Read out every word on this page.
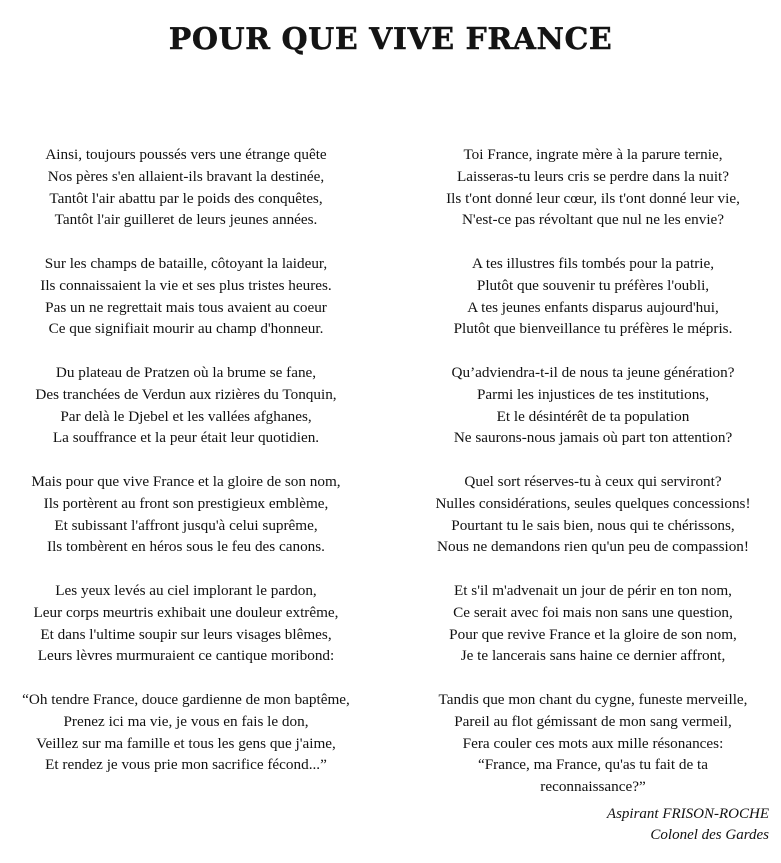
POUR QUE VIVE FRANCE
Ainsi, toujours poussés vers une étrange quête
Nos pères s'en allaient-ils bravant la destinée,
Tantôt l'air abattu par le poids des conquêtes,
Tantôt l'air guilleret de leurs jeunes années.
Sur les champs de bataille, côtoyant la laideur,
Ils connaissaient la vie et ses plus tristes heures.
Pas un ne regrettait mais tous avaient au coeur
Ce que signifiait mourir au champ d'honneur.
Du plateau de Pratzen où la brume se fane,
Des tranchées de Verdun aux rizières du Tonquin,
Par delà le Djebel et les vallées afghanes,
La souffrance et la peur était leur quotidien.
Mais pour que vive France et la gloire de son nom,
Ils portèrent au front son prestigieux emblème,
Et subissant l'affront jusqu'à celui suprême,
Ils tombèrent en héros sous le feu des canons.
Les yeux levés au ciel implorant le pardon,
Leur corps meurtris exhibait une douleur extrême,
Et dans l'ultime soupir sur leurs visages blêmes,
Leurs lèvres murmuraient ce cantique moribond:
“Oh tendre France, douce gardienne de mon baptême,
Prenez ici ma vie, je vous en fais le don,
Veillez sur ma famille et tous les gens que j'aime,
Et rendez je vous prie mon sacrifice fécond...”
Toi France, ingrate mère à la parure ternie,
Laisseras-tu leurs cris se perdre dans la nuit?
Ils t'ont donné leur cœur, ils t'ont donné leur vie,
N'est-ce pas révoltant que nul ne les envie?
A tes illustres fils tombés pour la patrie,
Plutôt que souvenir tu préfères l'oubli,
A tes jeunes enfants disparus aujourd'hui,
Plutôt que bienveillance tu préfères le mépris.
Qu’adviendra-t-il de nous ta jeune génération?
Parmi les injustices de tes institutions,
Et le désintérêt de ta population
Ne saurons-nous jamais où part ton attention?
Quel sort réserves-tu à ceux qui serviront?
Nulles considérations, seules quelques concessions!
Pourtant tu le sais bien, nous qui te chérissons,
Nous ne demandons rien qu'un peu de compassion!
Et s'il m'advenait un jour de périr en ton nom,
Ce serait avec foi mais non sans une question,
Pour que revive France et la gloire de son nom,
Je te lancerais sans haine ce dernier affront,
Tandis que mon chant du cygne, funeste merveille,
Pareil au flot gémissant de mon sang vermeil,
Fera couler ces mots aux mille résonances:
“France, ma France, qu'as tu fait de ta
reconnaissance?”
Aspirant FRISON-ROCHE
Colonel des Gardes
